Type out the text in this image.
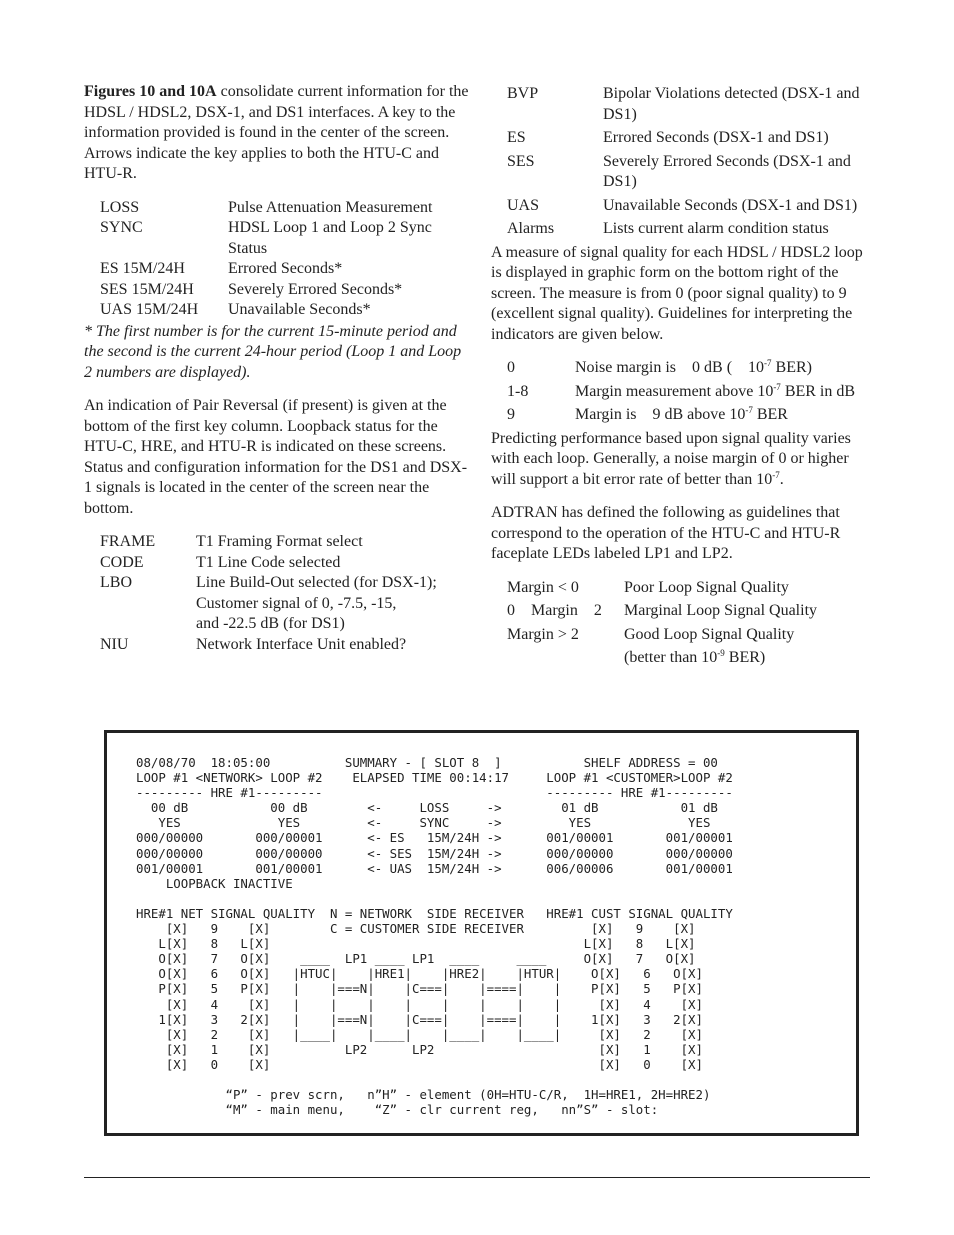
Figures 10 and 10A consolidate current information for the HDSL / HDSL2, DSX-1, and DS1 interfaces. A key to the information provided is found in the center of the screen. Arrows indicate the key applies to both the HTU-C and HTU-R.

LOSS	Pulse Attenuation Measurement
SYNC	HDSL Loop 1 and Loop 2 Sync Status
ES 15M/24H	Errored Seconds*
SES 15M/24H	Severely Errored Seconds*
UAS 15M/24H	Unavailable Seconds*

* The first number is for the current 15-minute period and the second is the current 24-hour period (Loop 1 and Loop 2 numbers are displayed).

An indication of Pair Reversal (if present) is given at the bottom of the first key column. Loopback status for the HTU-C, HRE, and HTU-R is indicated on these screens. Status and configuration information for the DS1 and DSX-1 signals is located in the center of the screen near the bottom.

FRAME	T1 Framing Format select
CODE	T1 Line Code selected
LBO	Line Build-Out selected (for DSX-1); Customer signal of 0, -7.5, -15,
	and -22.5 dB (for DS1)
NIU	Network Interface Unit enabled?
BVP	Bipolar Violations detected (DSX-1 and DS1)
ES	Errored Seconds (DSX-1 and DS1)
SES	Severely Errored Seconds (DSX-1 and DS1)
UAS	Unavailable Seconds (DSX-1 and DS1)
Alarms	Lists current alarm condition status

A measure of signal quality for each HDSL / HDSL2 loop is displayed in graphic form on the bottom right of the screen. The measure is from 0 (poor signal quality) to 9 (excellent signal quality). Guidelines for interpreting the indicators are given below.

0	Noise margin is    0 dB (    $10^{-7}$ BER)
1-8	Margin measurement above $10^{-7}$ BER in dB
9	Margin is    9 dB above $10^{-7}$ BER

Predicting performance based upon signal quality varies with each loop. Generally, a noise margin of 0 or higher will support a bit error rate of better than $10^{-7}$.

ADTRAN has defined the following as guidelines that correspond to the operation of the HTU-C and HTU-R faceplate LEDs labeled LP1 and LP2.

Margin < 0	Poor Loop Signal Quality
0    Margin    2	Marginal Loop Signal Quality
Margin > 2	Good Loop Signal Quality
	(better than $10^{-9}$ BER)
08/08/70  18:05:00          SUMMARY - [ SLOT 8  ]           SHELF ADDRESS = 00
LOOP #1 <NETWORK> LOOP #2    ELAPSED TIME 00:14:17     LOOP #1 <CUSTOMER>LOOP #2
--------- HRE #1---------                              --------- HRE #1---------
00 dB           00 dB        <-     LOSS     ->        01 dB           01 dB
YES             YES         <-     SYNC     ->         YES             YES
000/00000       000/00001      <- ES   15M/24H ->      001/00001       001/00001
000/00000       000/00000      <- SES  15M/24H ->      000/00000       000/00000
001/00001       001/00001      <- UAS  15M/24H ->      006/00006       001/00001
LOOPBACK INACTIVE

HRE#1 NET SIGNAL QUALITY  N = NETWORK  SIDE RECEIVER   HRE#1 CUST SIGNAL QUALITY
[X]   9    [X]        C = CUSTOMER SIDE RECEIVER         [X]   9    [X]
L[X]   8   L[X]                                          L[X]   8   L[X]
O[X]   7   O[X]    ____  LP1 ____ LP1  ____     ____     O[X]   7   O[X]
O[X]   6   O[X]   |HTUC|    |HRE1|    |HRE2|    |HTUR|    O[X]   6   O[X]
P[X]   5   P[X]   |    |===N|    |C===|    |====|    |    P[X]   5   P[X]
[X]   4    [X]   |    |    |    |    |    |    |    |     [X]   4    [X]
1[X]   3   2[X]   |    |===N|    |C===|    |====|    |    1[X]   3   2[X]
[X]   2    [X]   |____|    |____|    |____|    |____|     [X]   2    [X]
[X]   1    [X]          LP2      LP2                      [X]   1    [X]
[X]   0    [X]                                            [X]   0    [X]

“P” - prev scrn,   n”H” - element (0H=HTU-C/R,  1H=HRE1, 2H=HRE2)
“M” - main menu,    “Z” - clr current reg,   nn”S” - slot:
